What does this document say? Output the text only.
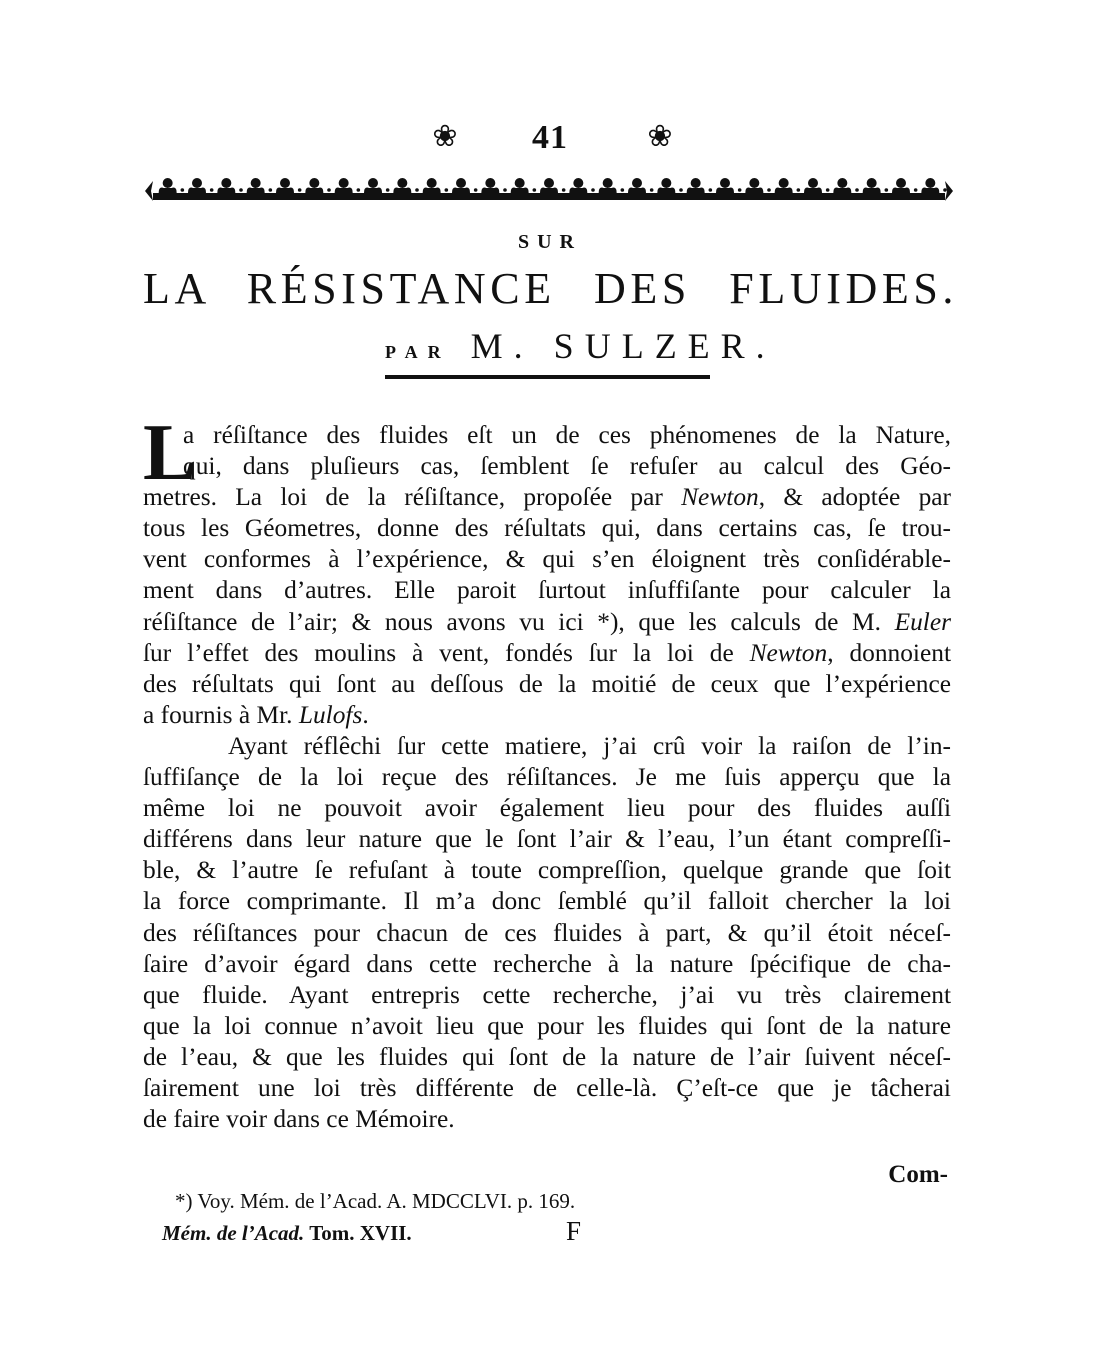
❀	41	❀
SUR
LA RÉSISTANCE DES FLUIDES.
PAR M. SULZER.
L
a réſiſtance des fluides eſt un de ces phénomenes de la Nature,
qui, dans pluſieurs cas, ſemblent ſe refuſer au calcul des Géo-
metres. La loi de la réſiſtance, propoſée par Newton, & adoptée par
tous les Géometres, donne des réſultats qui, dans certains cas, ſe trou-
vent conformes à l’expérience, & qui s’en éloignent très conſidérable-
ment dans d’autres. Elle paroit ſurtout inſuffiſante pour calculer la
réſiſtance de l’air; & nous avons vu ici *), que les calculs de M. Euler
ſur l’effet des moulins à vent, fondés ſur la loi de Newton, donnoient
des réſultats qui ſont au deſſous de la moitié de ceux que l’expérience
a fournis à Mr. Lulofs.
Ayant réflêchi ſur cette matiere, j’ai crû voir la raiſon de l’in-
ſuffiſançe de la loi reçue des réſiſtances. Je me ſuis apperçu que la
même loi ne pouvoit avoir également lieu pour des fluides auſſi
différens dans leur nature que le ſont l’air & l’eau, l’un étant compreſſi-
ble, & l’autre ſe refuſant à toute compreſſion, quelque grande que ſoit
la force comprimante. Il m’a donc ſemblé qu’il falloit chercher la loi
des réſiſtances pour chacun de ces fluides à part, & qu’il étoit néceſ-
ſaire d’avoir égard dans cette recherche à la nature ſpécifique de cha-
que fluide. Ayant entrepris cette recherche, j’ai vu très clairement
que la loi connue n’avoit lieu que pour les fluides qui ſont de la nature
de l’eau, & que les fluides qui ſont de la nature de l’air ſuivent néceſ-
ſairement une loi très différente de celle-là. Ç’eſt-ce que je tâcherai
de faire voir dans ce Mémoire.
Com-
*) Voy. Mém. de l’Acad. A. MDCCLVI. p. 169.
Mém. de l’Acad. Tom. XVII.	F
